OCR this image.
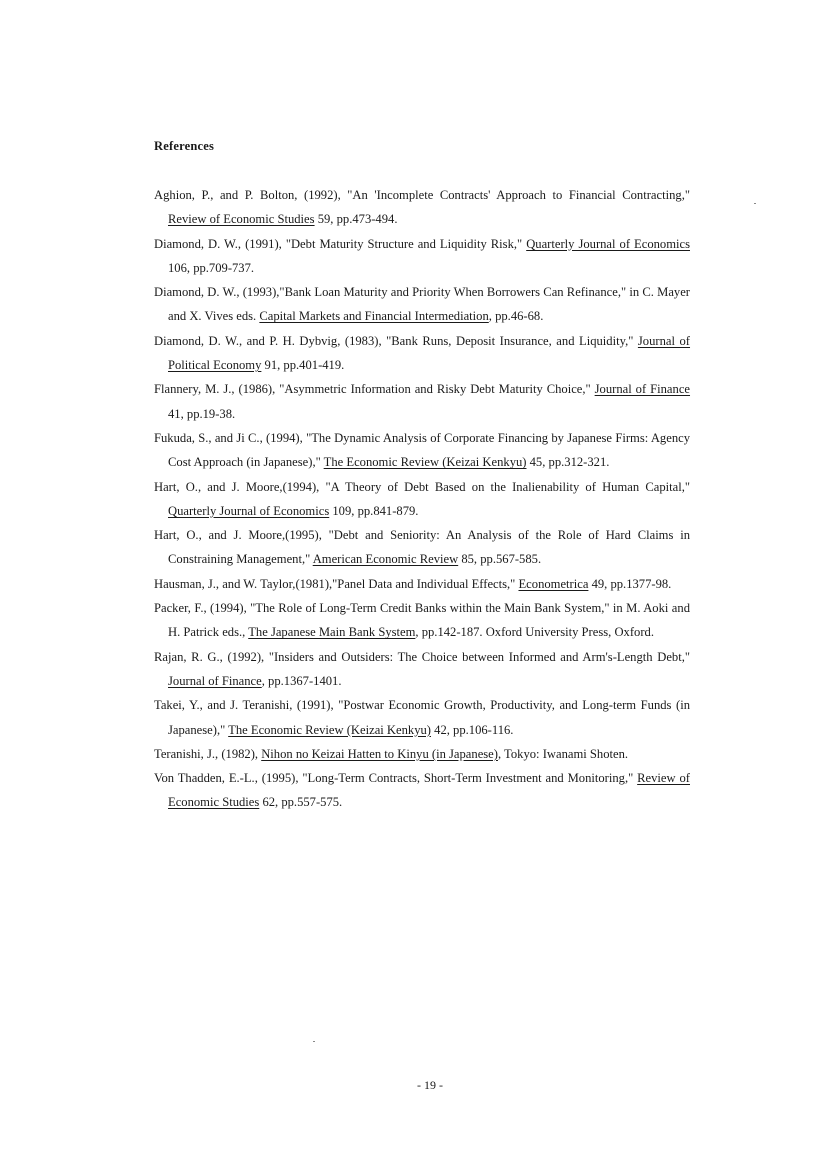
References
Aghion, P., and P. Bolton, (1992), "An 'Incomplete Contracts' Approach to Financial Contracting," Review of Economic Studies 59, pp.473-494.
Diamond, D. W., (1991), "Debt Maturity Structure and Liquidity Risk," Quarterly Journal of Economics 106, pp.709-737.
Diamond, D. W., (1993),"Bank Loan Maturity and Priority When Borrowers Can Refinance," in C. Mayer and X. Vives eds. Capital Markets and Financial Intermediation, pp.46-68.
Diamond, D. W., and P. H. Dybvig, (1983), "Bank Runs, Deposit Insurance, and Liquidity," Journal of Political Economy 91, pp.401-419.
Flannery, M. J., (1986), "Asymmetric Information and Risky Debt Maturity Choice," Journal of Finance 41, pp.19-38.
Fukuda, S., and Ji C., (1994), "The Dynamic Analysis of Corporate Financing by Japanese Firms: Agency Cost Approach (in Japanese)," The Economic Review (Keizai Kenkyu) 45, pp.312-321.
Hart, O., and J. Moore,(1994), "A Theory of Debt Based on the Inalienability of Human Capital," Quarterly Journal of Economics 109, pp.841-879.
Hart, O., and J. Moore,(1995), "Debt and Seniority: An Analysis of the Role of Hard Claims in Constraining Management," American Economic Review 85, pp.567-585.
Hausman, J., and W. Taylor,(1981),"Panel Data and Individual Effects," Econometrica 49, pp.1377-98.
Packer, F., (1994), "The Role of Long-Term Credit Banks within the Main Bank System," in M. Aoki and H. Patrick eds., The Japanese Main Bank System, pp.142-187. Oxford University Press, Oxford.
Rajan, R. G., (1992), "Insiders and Outsiders: The Choice between Informed and Arm's-Length Debt," Journal of Finance, pp.1367-1401.
Takei, Y., and J. Teranishi, (1991), "Postwar Economic Growth, Productivity, and Long-term Funds (in Japanese)," The Economic Review (Keizai Kenkyu) 42, pp.106-116.
Teranishi, J., (1982), Nihon no Keizai Hatten to Kinyu (in Japanese), Tokyo: Iwanami Shoten.
Von Thadden, E.-L., (1995), "Long-Term Contracts, Short-Term Investment and Monitoring," Review of Economic Studies 62, pp.557-575.
- 19 -
